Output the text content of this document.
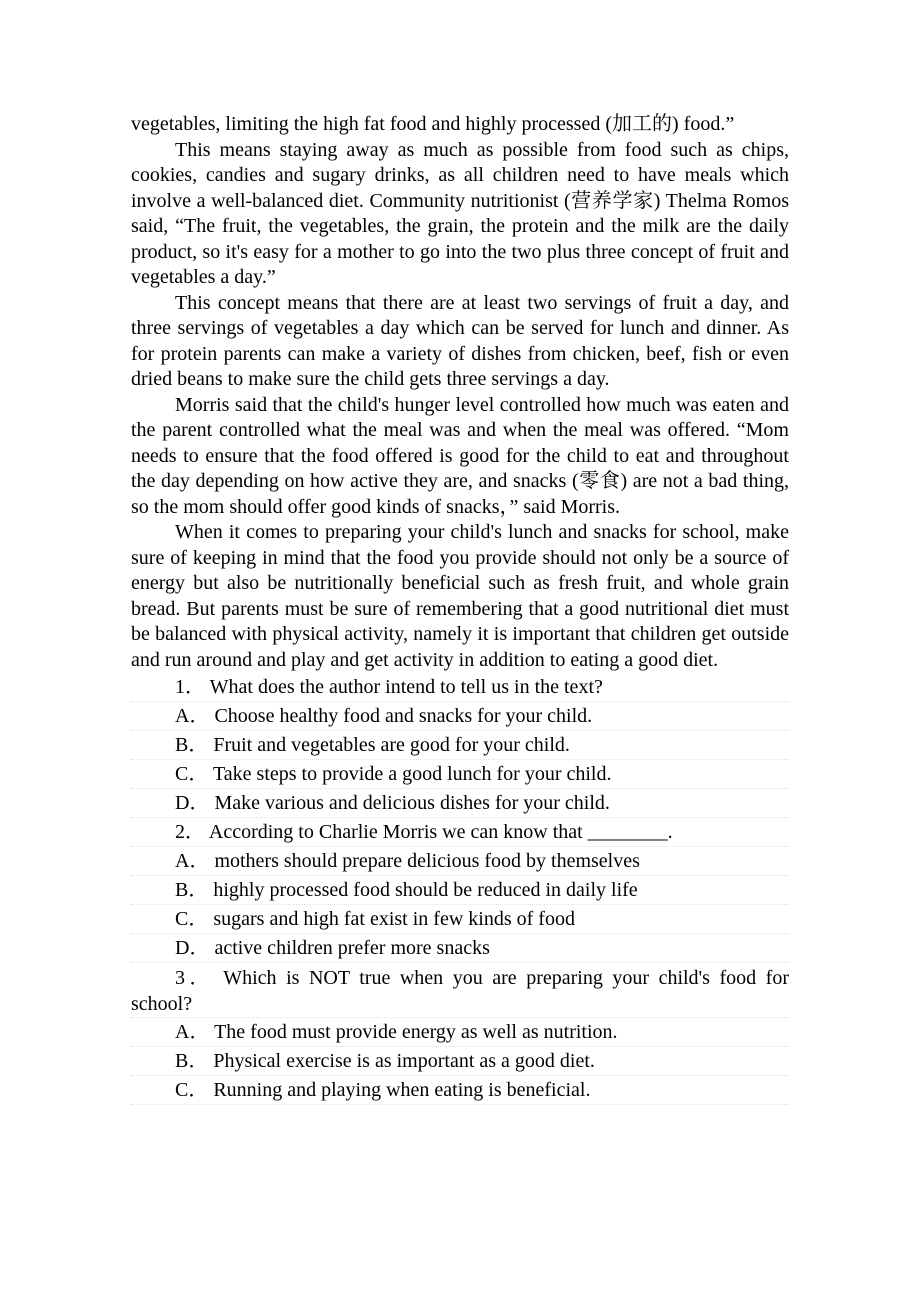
vegetables, limiting the high fat food and highly processed (加工的) food.”

This means staying away as much as possible from food such as chips, cookies, candies and sugary drinks, as all children need to have meals which involve a well-balanced diet. Community nutritionist (营养学家) Thelma Romos said, “The fruit, the vegetables, the grain, the protein and the milk are the daily product, so it's easy for a mother to go into the two plus three concept of fruit and vegetables a day.”

This concept means that there are at least two servings of fruit a day, and three servings of vegetables a day which can be served for lunch and dinner. As for protein parents can make a variety of dishes from chicken, beef, fish or even dried beans to make sure the child gets three servings a day.

Morris said that the child's hunger level controlled how much was eaten and the parent controlled what the meal was and when the meal was offered. “Mom needs to ensure that the food offered is good for the child to eat and throughout the day depending on how active they are, and snacks (零食) are not a bad thing, so the mom should offer good kinds of snacks，” said Morris.

When it comes to preparing your child's lunch and snacks for school, make sure of keeping in mind that the food you provide should not only be a source of energy but also be nutritionally beneficial such as fresh fruit, and whole grain bread. But parents must be sure of remembering that a good nutritional diet must be balanced with physical activity, namely it is important that children get outside and run around and play and get activity in addition to eating a good diet.

1． What does the author intend to tell us in the text?

A． Choose healthy food and snacks for your child.

B． Fruit and vegetables are good for your child.

C． Take steps to provide a good lunch for your child.

D． Make various and delicious dishes for your child.

2． According to Charlie Morris we can know that ________.

A． mothers should prepare delicious food by themselves

B． highly processed food should be reduced in daily life

C． sugars and high fat exist in few kinds of food

D． active children prefer more snacks

3． Which is NOT true when you are preparing your child's food for school?

A． The food must provide energy as well as nutrition.

B． Physical exercise is as important as a good diet.

C． Running and playing when eating is beneficial.
